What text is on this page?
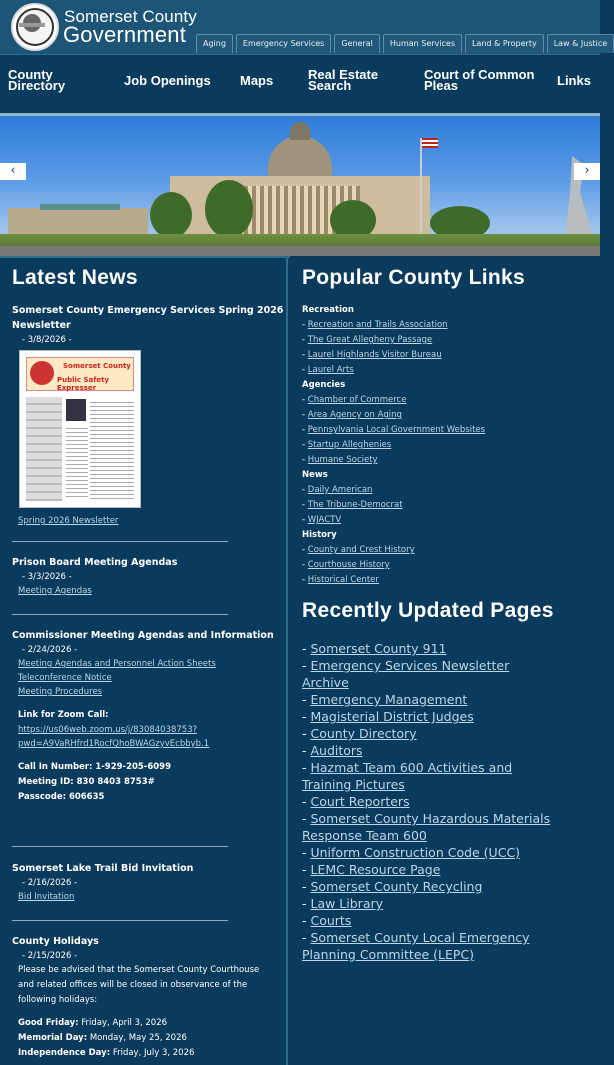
Somerset County
Government	Aging	Emergency Services	General	Human Services	Land & Property	Law & Justice
County
Directory	Job Openings Maps	Real Estate
Search
Court of Common
Pleas	Links
‹	›
Latest News
Somerset County Emergency Services Spring 2026 Newsletter
- 3/8/2026 -
Spring 2026 Newsletter
Prison Board Meeting Agendas
- 3/3/2026 -
Meeting Agendas
Commissioner Meeting Agendas and Information
- 2/24/2026 -
Meeting Agendas and Personnel Action Sheets
Teleconference Notice
Meeting Procedures
Link for Zoom Call:
https://us06web.zoom.us/j/83084038753?
pwd=A9VaRHfrd1RocfQhoBWAGzyvEcbbyb.1
Call In Number: 1-929-205-6099
Meeting ID: 830 8403 8753#
Passcode: 606635
Somerset Lake Trail Bid Invitation
- 2/16/2026 -
Bid Invitation
County Holidays
- 2/15/2026 -
Please be advised that the Somerset County Courthouse
and related offices will be closed in observance of the
following holidays:
Good Friday: Friday, April 3, 2026
Memorial Day: Monday, May 25, 2026
Independence Day: Friday, July 3, 2026
Somerset County
Public Safety Expresser
Popular County Links
Recreation
- Recreation and Trails Association
- The Great Allegheny Passage
- Laurel Highlands Visitor Bureau
- Laurel Arts
Agencies
- Chamber of Commerce
- Area Agency on Aging
- Pennsylvania Local Government Websites
- Startup Alleghenies
- Humane Society
News
- Daily American
- The Tribune-Democrat
- WJACTV
History
- County and Crest History
- Courthouse History
- Historical Center
Recently Updated Pages
- Somerset County 911
- Emergency Services Newsletter
Archive
- Emergency Management
- Magisterial District Judges
- County Directory
- Auditors
- Hazmat Team 600 Activities and
Training Pictures
- Court Reporters
- Somerset County Hazardous Materials
Response Team 600
- Uniform Construction Code (UCC)
- LEMC Resource Page
- Somerset County Recycling
- Law Library
- Courts
- Somerset County Local Emergency
Planning Committee (LEPC)
